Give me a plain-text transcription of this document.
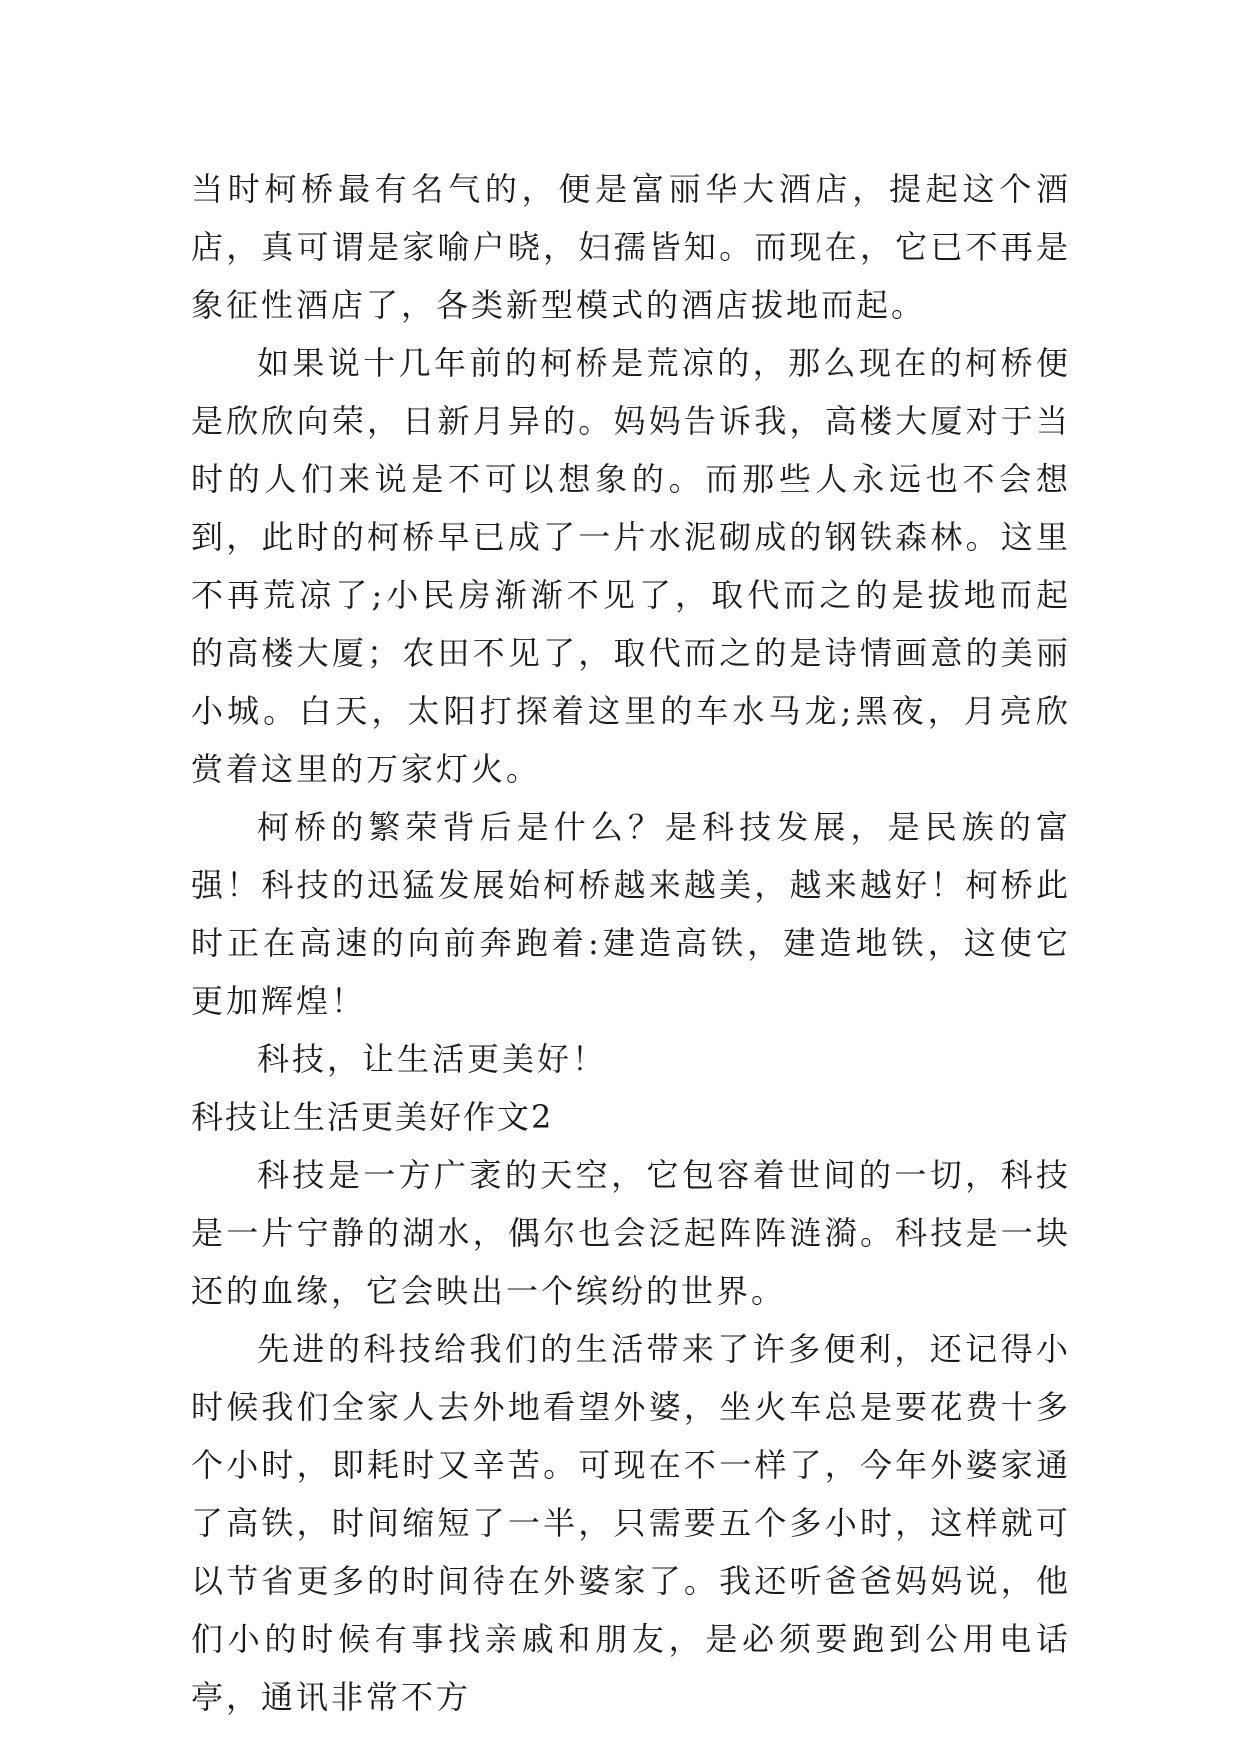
当时柯桥最有名气的，便是富丽华大酒店，提起这个酒店，真可谓是家喻户晓，妇孺皆知。而现在，它已不再是象征性酒店了，各类新型模式的酒店拔地而起。

如果说十几年前的柯桥是荒凉的，那么现在的柯桥便是欣欣向荣，日新月异的。妈妈告诉我，高楼大厦对于当时的人们来说是不可以想象的。而那些人永远也不会想到，此时的柯桥早已成了一片水泥砌成的钢铁森林。这里不再荒凉了;小民房渐渐不见了，取代而之的是拔地而起的高楼大厦；农田不见了，取代而之的是诗情画意的美丽小城。白天，太阳打探着这里的车水马龙;黑夜，月亮欣赏着这里的万家灯火。

柯桥的繁荣背后是什么？是科技发展，是民族的富强！科技的迅猛发展始柯桥越来越美，越来越好！柯桥此时正在高速的向前奔跑着:建造高铁，建造地铁，这使它更加辉煌！

科技，让生活更美好！

科技让生活更美好作文2

科技是一方广袤的天空，它包容着世间的一切，科技是一片宁静的湖水，偶尔也会泛起阵阵涟漪。科技是一块还的血缘，它会映出一个缤纷的世界。

先进的科技给我们的生活带来了许多便利，还记得小时候我们全家人去外地看望外婆，坐火车总是要花费十多个小时，即耗时又辛苦。可现在不一样了，今年外婆家通了高铁，时间缩短了一半，只需要五个多小时，这样就可以节省更多的时间待在外婆家了。我还听爸爸妈妈说，他们小的时候有事找亲戚和朋友，是必须要跑到公用电话亭，通讯非常不方
